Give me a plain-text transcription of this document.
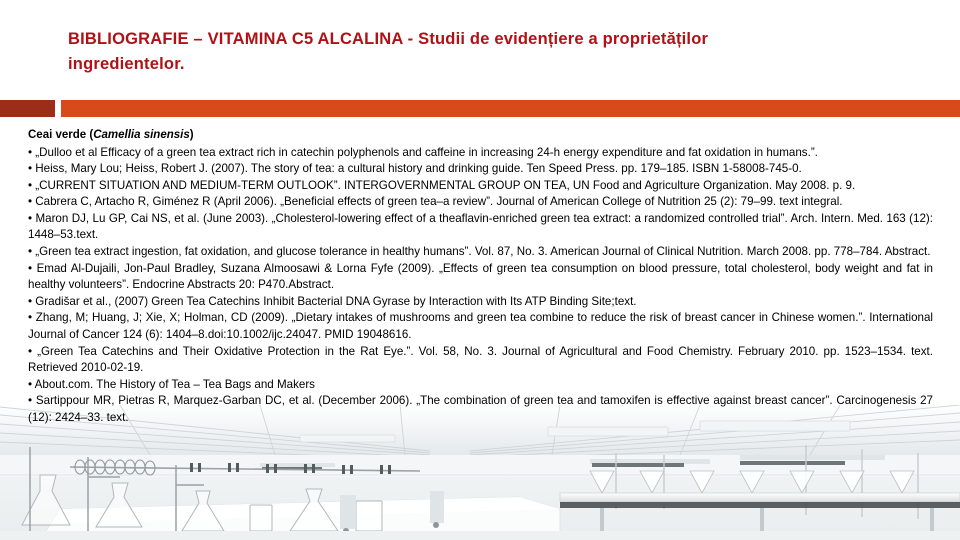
BIBLIOGRAFIE – VITAMINA C5 ALCALINA - Studii de evidențiere a proprietăților
ingredientelor.
Ceai verde (Camellia sinensis)

• „Dulloo et al Efficacy of a green tea extract rich in catechin polyphenols and caffeine in increasing 24-h energy expenditure and fat oxidation in humans.”.

• Heiss, Mary Lou; Heiss, Robert J. (2007). The story of tea: a cultural history and drinking guide. Ten Speed Press. pp. 179–185. ISBN 1-58008-745-0.

• „CURRENT SITUATION AND MEDIUM-TERM OUTLOOK”. INTERGOVERNMENTAL GROUP ON TEA, UN Food and Agriculture Organization. May 2008. p. 9.

• Cabrera C, Artacho R, Giménez R (April 2006). „Beneficial effects of green tea–a review”. Journal of American College of Nutrition 25 (2): 79–99. text integral.

• Maron DJ, Lu GP, Cai NS, et al. (June 2003). „Cholesterol-lowering effect of a theaflavin-enriched green tea extract: a randomized controlled trial”. Arch. Intern. Med. 163 (12): 1448–53.text.

• „Green tea extract ingestion, fat oxidation, and glucose tolerance in healthy humans”. Vol. 87, No. 3. American Journal of Clinical Nutrition. March 2008. pp. 778–784. Abstract.

• Emad Al-Dujaili, Jon-Paul Bradley, Suzana Almoosawi & Lorna Fyfe (2009). „Effects of green tea consumption on blood pressure, total cholesterol, body weight and fat in healthy volunteers”. Endocrine Abstracts 20: P470.Abstract.

• Gradišar et al., (2007) Green Tea Catechins Inhibit Bacterial DNA Gyrase by Interaction with Its ATP Binding Site;text.

• Zhang, M; Huang, J; Xie, X; Holman, CD (2009). „Dietary intakes of mushrooms and green tea combine to reduce the risk of breast cancer in Chinese women.”. International Journal of Cancer 124 (6): 1404–8.doi:10.1002/ijc.24047. PMID 19048616.

• „Green Tea Catechins and Their Oxidative Protection in the Rat Eye.”. Vol. 58, No. 3. Journal of Agricultural and Food Chemistry. February 2010. pp. 1523–1534. text. Retrieved 2010-02-19.

• About.com. The History of Tea – Tea Bags and Makers

• Sartippour MR, Pietras R, Marquez-Garban DC, et al. (December 2006). „The combination of green tea and tamoxifen is effective against breast cancer”. Carcinogenesis 27 (12): 2424–33. text.
